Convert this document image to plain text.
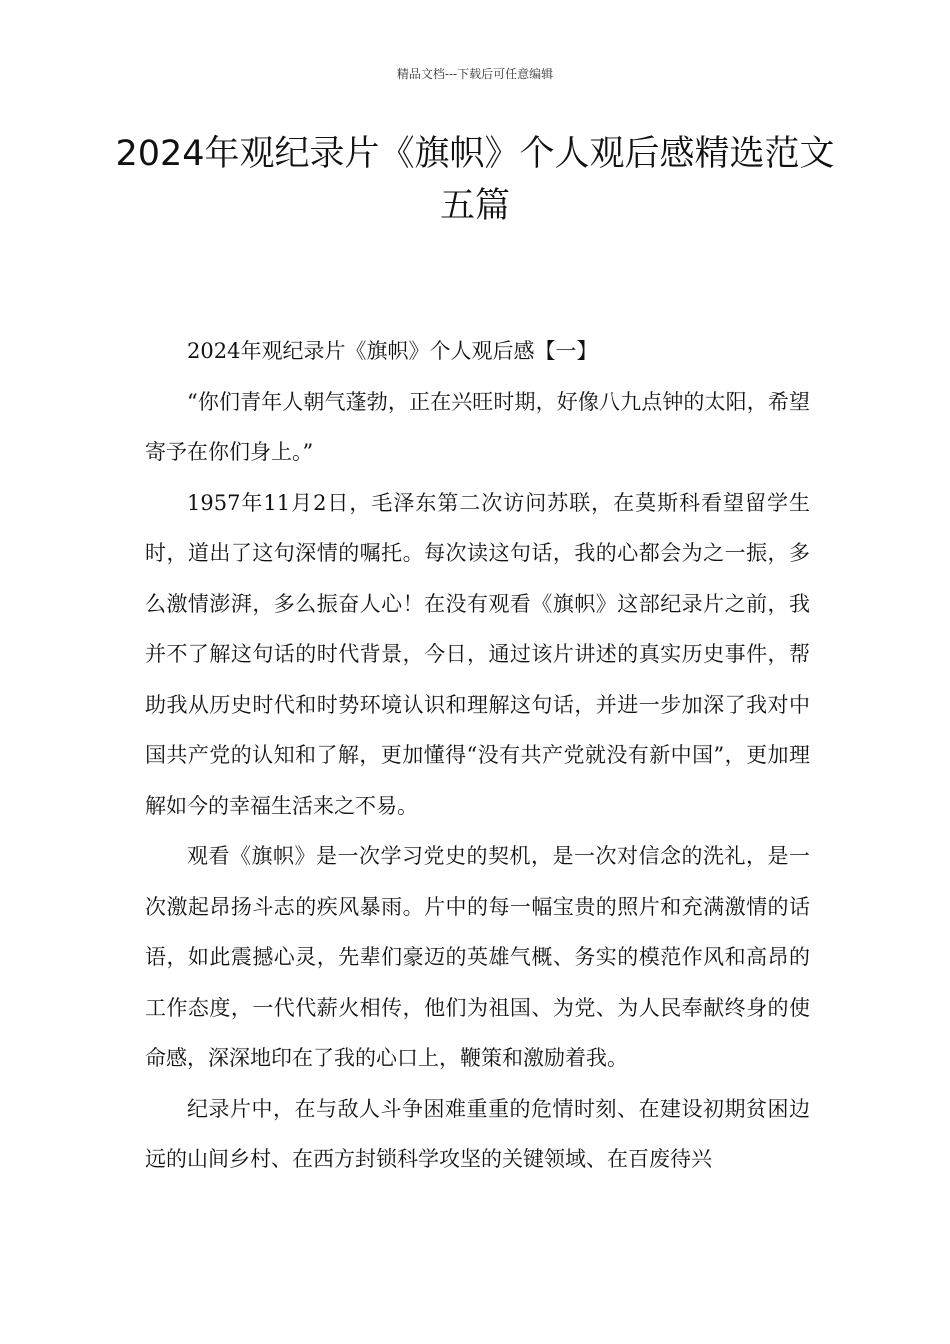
精品文档---下载后可任意编辑
2024年观纪录片《旗帜》个人观后感精选范文五篇

2024年观纪录片《旗帜》个人观后感【一】

“你们青年人朝气蓬勃，正在兴旺时期，好像八九点钟的太阳，希望寄予在你们身上。”

1957年11月2日，毛泽东第二次访问苏联，在莫斯科看望留学生时，道出了这句深情的嘱托。每次读这句话，我的心都会为之一振，多么激情澎湃，多么振奋人心！在没有观看《旗帜》这部纪录片之前，我并不了解这句话的时代背景，今日，通过该片讲述的真实历史事件，帮助我从历史时代和时势环境认识和理解这句话，并进一步加深了我对中国共产党的认知和了解，更加懂得“没有共产党就没有新中国”，更加理解如今的幸福生活来之不易。

观看《旗帜》是一次学习党史的契机，是一次对信念的洗礼，是一次激起昂扬斗志的疾风暴雨。片中的每一幅宝贵的照片和充满激情的话语，如此震撼心灵，先辈们豪迈的英雄气概、务实的模范作风和高昂的工作态度，一代代薪火相传，他们为祖国、为党、为人民奉献终身的使命感，深深地印在了我的心口上，鞭策和激励着我。

纪录片中，在与敌人斗争困难重重的危情时刻、在建设初期贫困边远的山间乡村、在西方封锁科学攻坚的关键领域、在百废待兴
